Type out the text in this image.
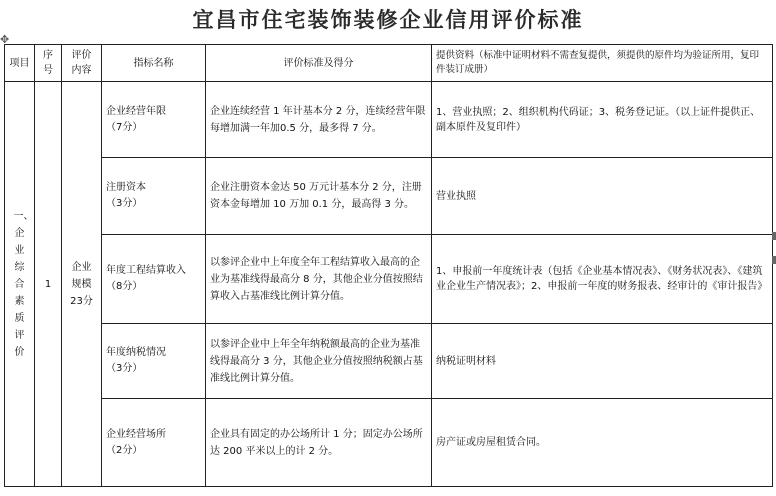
宜昌市住宅装饰装修企业信用评价标准
✥
项目	序号	评价内容	指标名称	评价标准及得分	提供资料（标准中证明材料不需查复提供，须提供的原件均为验证所用，复印件装订成册）

一、企业综合素质评价	1	企业
规模
23分	企业经营年限
（7分）	企业连续经营 1 年计基本分 2 分，连续经营年限每增加满一年加0.5 分，最多得 7 分。	1、营业执照；2、组织机构代码证；3、税务登记证。（以上证件提供正、副本原件及复印件）

			注册资本
（3分）	企业注册资本金达 50 万元计基本分 2 分，注册资本金每增加 10 万加 0.1 分，最高得 3 分。	营业执照

			年度工程结算收入
（8分）	以参评企业中上年度全年工程结算收入最高的企业为基准线得最高分 8 分，其他企业分值按照结算收入占基准线比例计算分值。	1、申报前一年度统计表（包括《企业基本情况表》、《财务状况表》、《建筑业企业生产情况表》；2、申报前一年度的财务报表、经审计的《审计报告》

			年度纳税情况
（3分）	以参评企业中上年全年纳税额最高的企业为基准线得最高分 3 分，其他企业分值按照纳税额占基准线比例计算分值。	纳税证明材料

			企业经营场所
（2分）	企业具有固定的办公场所计 1 分；固定办公场所达 200 平米以上的计 2 分。	房产证或房屋租赁合同。
